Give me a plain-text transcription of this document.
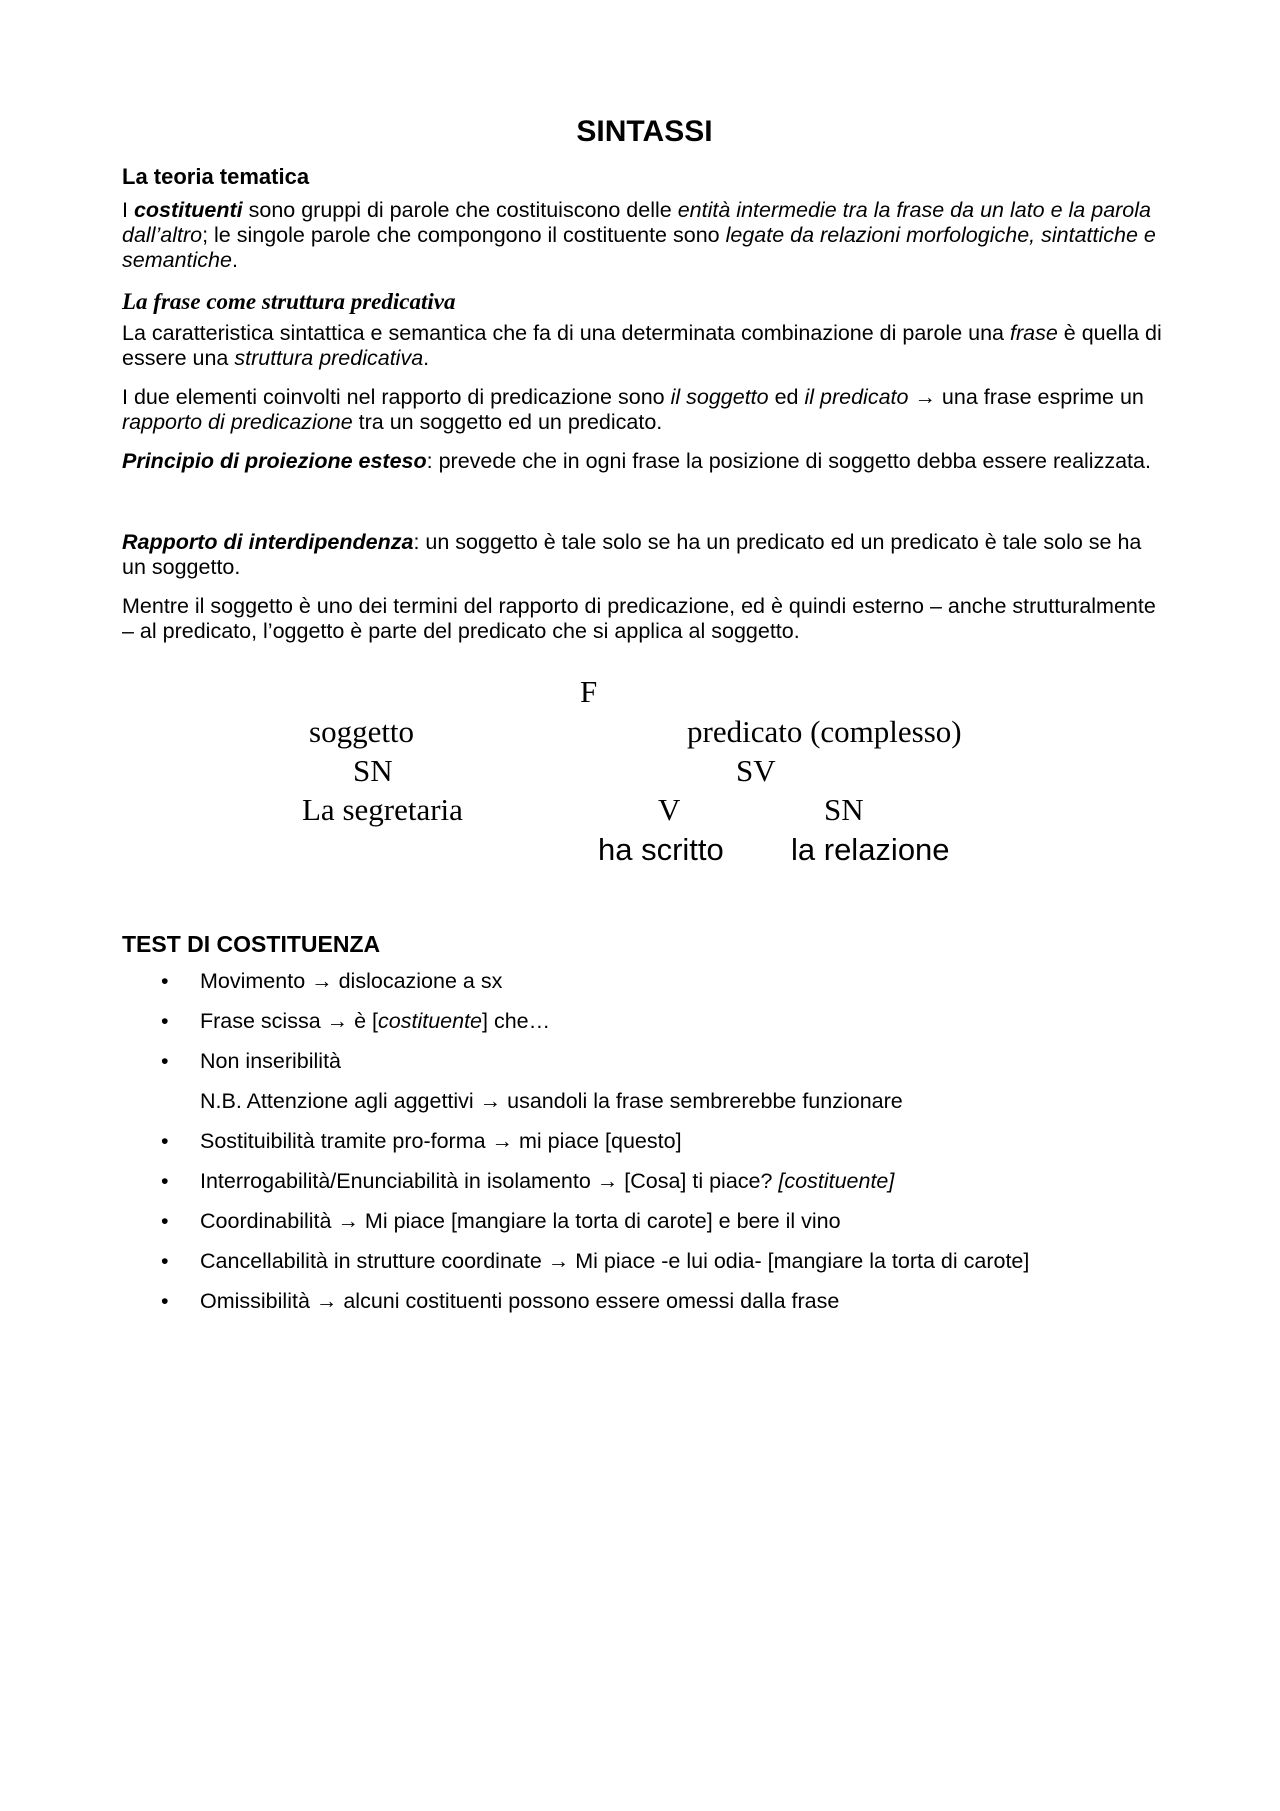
SINTASSI
La teoria tematica

I costituenti sono gruppi di parole che costituiscono delle entità intermedie tra la frase da un lato e la parola dall’altro; le singole parole che compongono il costituente sono legate da relazioni morfologiche, sintattiche e semantiche.

La frase come struttura predicativa

La caratteristica sintattica e semantica che fa di una determinata combinazione di parole una frase è quella di essere una struttura predicativa.

I due elementi coinvolti nel rapporto di predicazione sono il soggetto ed il predicato → una frase esprime un rapporto di predicazione tra un soggetto ed un predicato.

Principio di proiezione esteso: prevede che in ogni frase la posizione di soggetto debba essere realizzata.

Rapporto di interdipendenza: un soggetto è tale solo se ha un predicato ed un predicato è tale solo se ha un soggetto.

Mentre il soggetto è uno dei termini del rapporto di predicazione, ed è quindi esterno – anche strutturalmente – al predicato, l’oggetto è parte del predicato che si applica al soggetto.

F
soggetto	predicato (complesso)
SN	SV
La segretaria	V	SN
ha scritto la relazione
TEST DI COSTITUENZA
• Movimento → dislocazione a sx
• Frase scissa → è [costituente] che…
• Non inseribilità
N.B. Attenzione agli aggettivi → usandoli la frase sembrerebbe funzionare
• Sostituibilità tramite pro-forma → mi piace [questo]
• Interrogabilità/Enunciabilità in isolamento → [Cosa] ti piace? [costituente]
• Coordinabilità → Mi piace [mangiare la torta di carote] e bere il vino
• Cancellabilità in strutture coordinate → Mi piace -e lui odia- [mangiare la torta di carote]
• Omissibilità → alcuni costituenti possono essere omessi dalla frase
